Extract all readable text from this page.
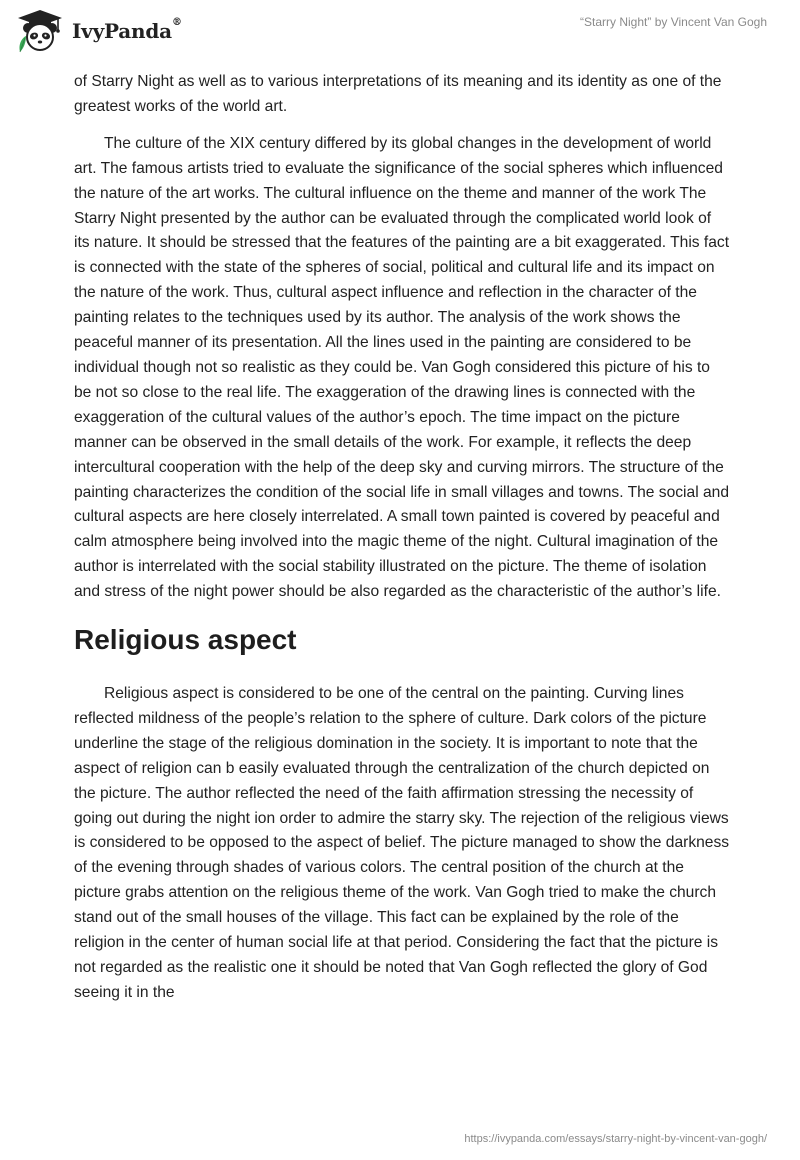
IvyPanda®	“Starry Night” by Vincent Van Gogh

of Starry Night as well as to various interpretations of its meaning and its identity as one of the greatest works of the world art.

The culture of the XIX century differed by its global changes in the development of world art. The famous artists tried to evaluate the significance of the social spheres which influenced the nature of the art works. The cultural influence on the theme and manner of the work The Starry Night presented by the author can be evaluated through the complicated world look of its nature. It should be stressed that the features of the painting are a bit exaggerated. This fact is connected with the state of the spheres of social, political and cultural life and its impact on the nature of the work. Thus, cultural aspect influence and reflection in the character of the painting relates to the techniques used by its author. The analysis of the work shows the peaceful manner of its presentation. All the lines used in the painting are considered to be individual though not so realistic as they could be. Van Gogh considered this picture of his to be not so close to the real life. The exaggeration of the drawing lines is connected with the exaggeration of the cultural values of the author’s epoch. The time impact on the picture manner can be observed in the small details of the work. For example, it reflects the deep intercultural cooperation with the help of the deep sky and curving mirrors. The structure of the painting characterizes the condition of the social life in small villages and towns. The social and cultural aspects are here closely interrelated. A small town painted is covered by peaceful and calm atmosphere being involved into the magic theme of the night. Cultural imagination of the author is interrelated with the social stability illustrated on the picture. The theme of isolation and stress of the night power should be also regarded as the characteristic of the author’s life.

Religious aspect

Religious aspect is considered to be one of the central on the painting. Curving lines reflected mildness of the people’s relation to the sphere of culture. Dark colors of the picture underline the stage of the religious domination in the society. It is important to note that the aspect of religion can b easily evaluated through the centralization of the church depicted on the picture. The author reflected the need of the faith affirmation stressing the necessity of going out during the night ion order to admire the starry sky. The rejection of the religious views is considered to be opposed to the aspect of belief. The picture managed to show the darkness of the evening through shades of various colors. The central position of the church at the picture grabs attention on the religious theme of the work. Van Gogh tried to make the church stand out of the small houses of the village. This fact can be explained by the role of the religion in the center of human social life at that period. Considering the fact that the picture is not regarded as the realistic one it should be noted that Van Gogh reflected the glory of God seeing it in the

https://ivypanda.com/essays/starry-night-by-vincent-van-gogh/
